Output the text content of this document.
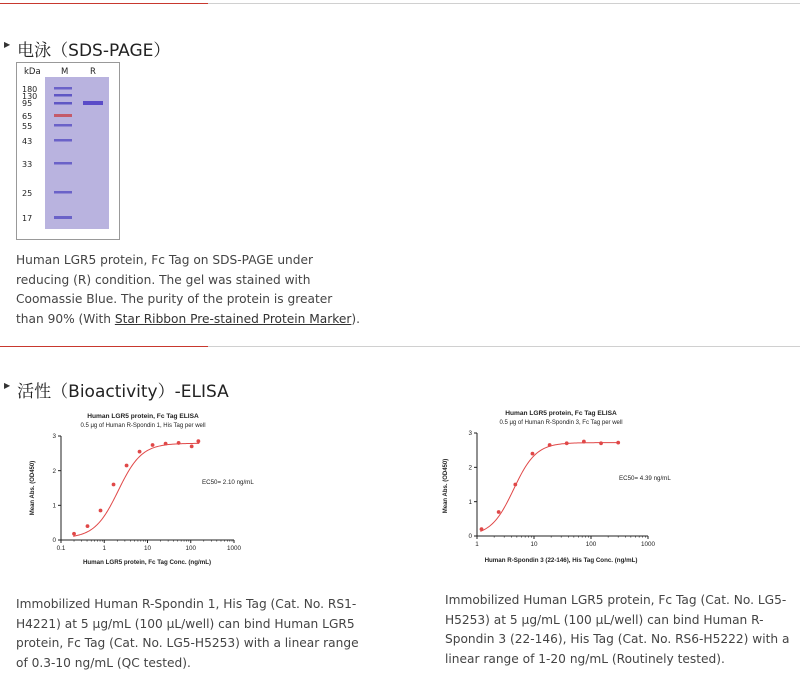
▶ 电泳（SDS-PAGE）
kDa M	R
180
130
95
65
55
43
33
25
17
Human LGR5 protein, Fc Tag on SDS-PAGE under reducing (R) condition. The gel was stained with Coomassie Blue. The purity of the protein is greater than 90% (With Star Ribbon Pre-stained Protein Marker).
▶ 活性（Bioactivity）-ELISA
Human LGR5 protein, Fc Tag ELISA
0.5 μg of Human R-Spondin 1, His Tag per well
Human LGR5 protein, Fc Tag Conc. (ng/mL)
Mean Abs. (OD450)	EC50= 2.10 ng/mL
0
1
2
3
0.1	1	10	100	1000
Human LGR5 protein, Fc Tag ELISA
0.5 μg of Human R-Spondin 3, Fc Tag per well
Human R-Spondin 3 (22-146), His Tag Conc. (ng/mL)
Mean Abs. (OD450)	EC50= 4.39 ng/mL
0
1
2
3
1	10	100	1000
Immobilized Human R-Spondin 1, His Tag (Cat. No. RS1-H4221) at 5 μg/mL (100 μL/well) can bind Human LGR5 protein, Fc Tag (Cat. No. LG5-H5253) with a linear range of 0.3-10 ng/mL (QC tested).
Immobilized Human LGR5 protein, Fc Tag (Cat. No. LG5-H5253) at 5 μg/mL (100 μL/well) can bind Human R-Spondin 3 (22-146), His Tag (Cat. No. RS6-H5222) with a linear range of 1-20 ng/mL (Routinely tested).
